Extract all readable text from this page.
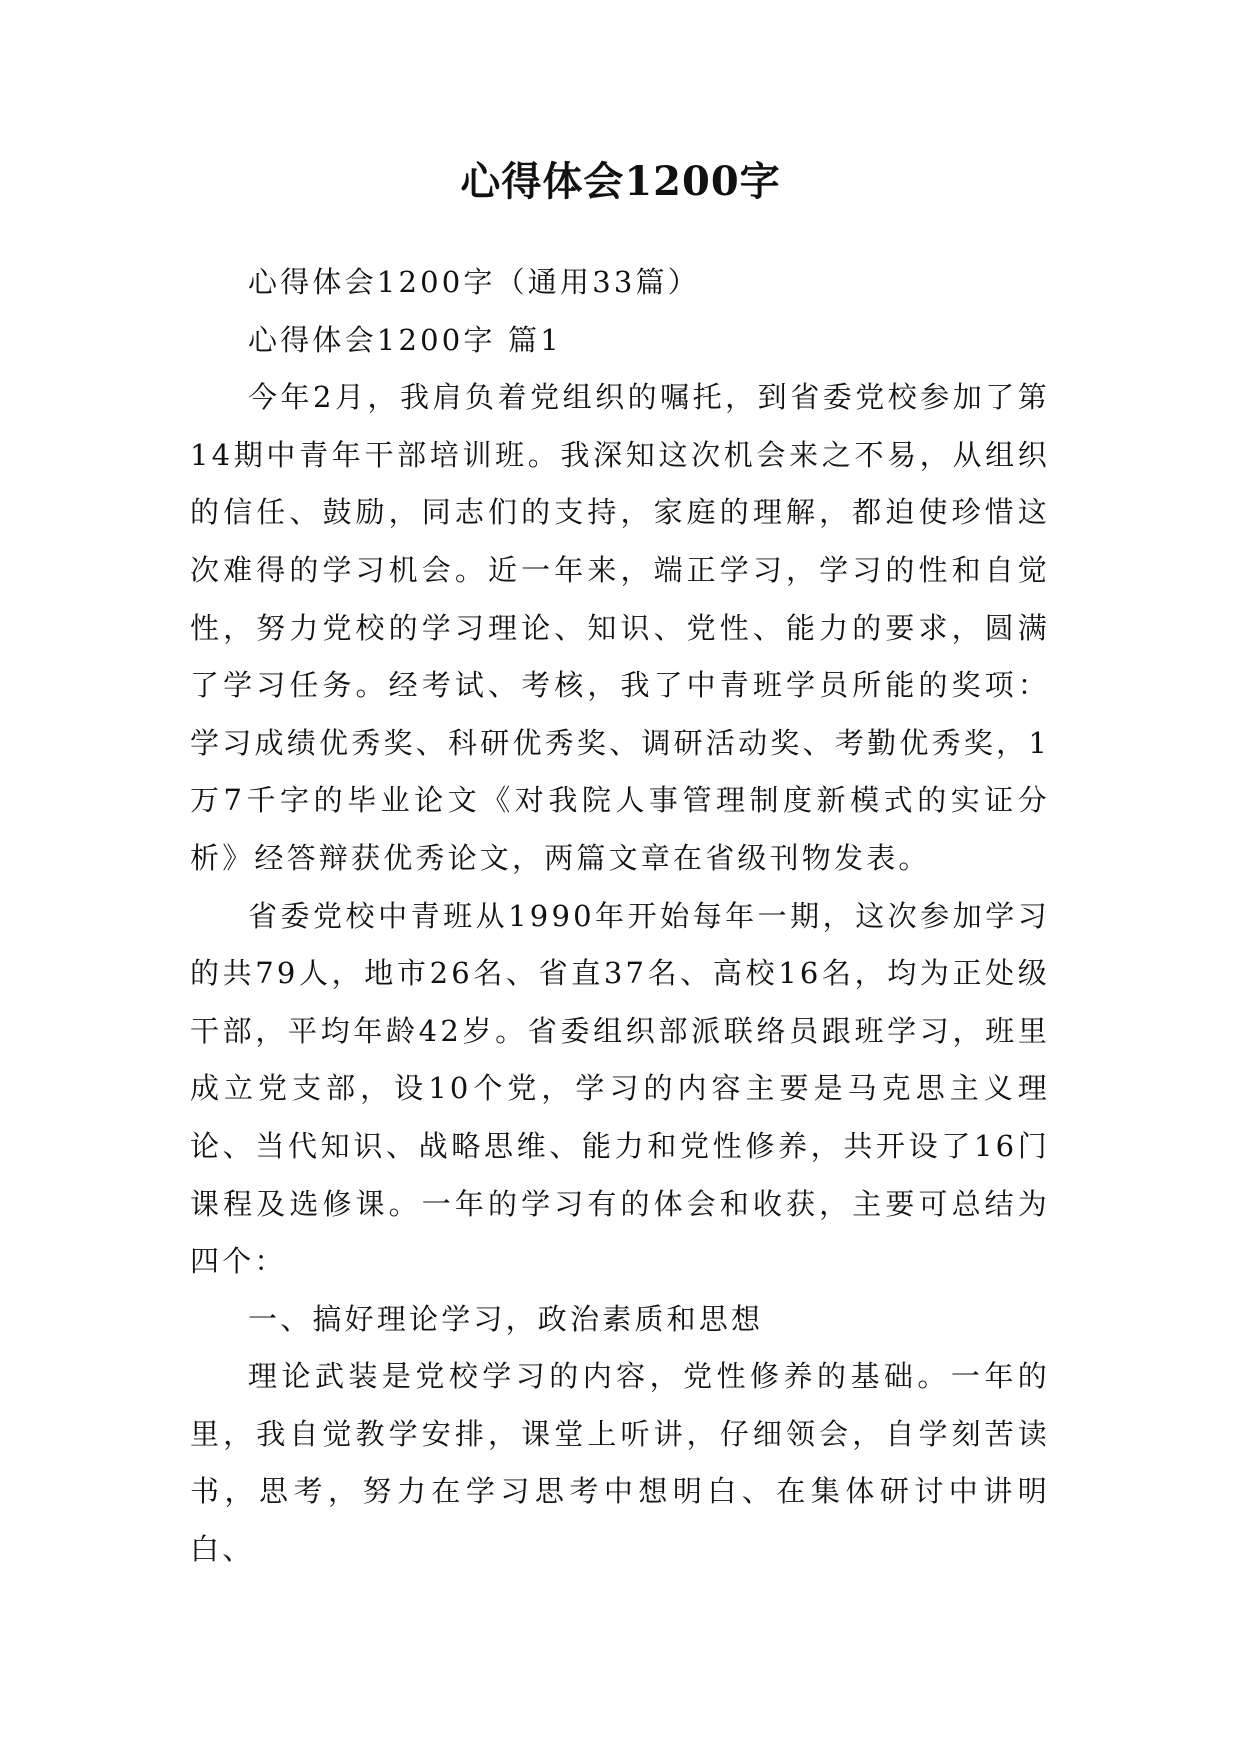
心得体会1200字

心得体会1200字（通用33篇）

心得体会1200字 篇1

今年2月，我肩负着党组织的嘱托，到省委党校参加了第14期中青年干部培训班。我深知这次机会来之不易，从组织的信任、鼓励，同志们的支持，家庭的理解，都迫使珍惜这次难得的学习机会。近一年来，端正学习，学习的性和自觉性，努力党校的学习理论、知识、党性、能力的要求，圆满了学习任务。经考试、考核，我了中青班学员所能的奖项：学习成绩优秀奖、科研优秀奖、调研活动奖、考勤优秀奖，1万7千字的毕业论文《对我院人事管理制度新模式的实证分析》经答辩获优秀论文，两篇文章在省级刊物发表。

省委党校中青班从1990年开始每年一期，这次参加学习的共79人，地市26名、省直37名、高校16名，均为正处级干部，平均年龄42岁。省委组织部派联络员跟班学习，班里成立党支部，设10个党，学习的内容主要是马克思主义理论、当代知识、战略思维、能力和党性修养，共开设了16门课程及选修课。一年的学习有的体会和收获，主要可总结为四个：

一、搞好理论学习，政治素质和思想

理论武装是党校学习的内容，党性修养的基础。一年的里，我自觉教学安排，课堂上听讲，仔细领会，自学刻苦读书，思考，努力在学习思考中想明白、在集体研讨中讲明白、
